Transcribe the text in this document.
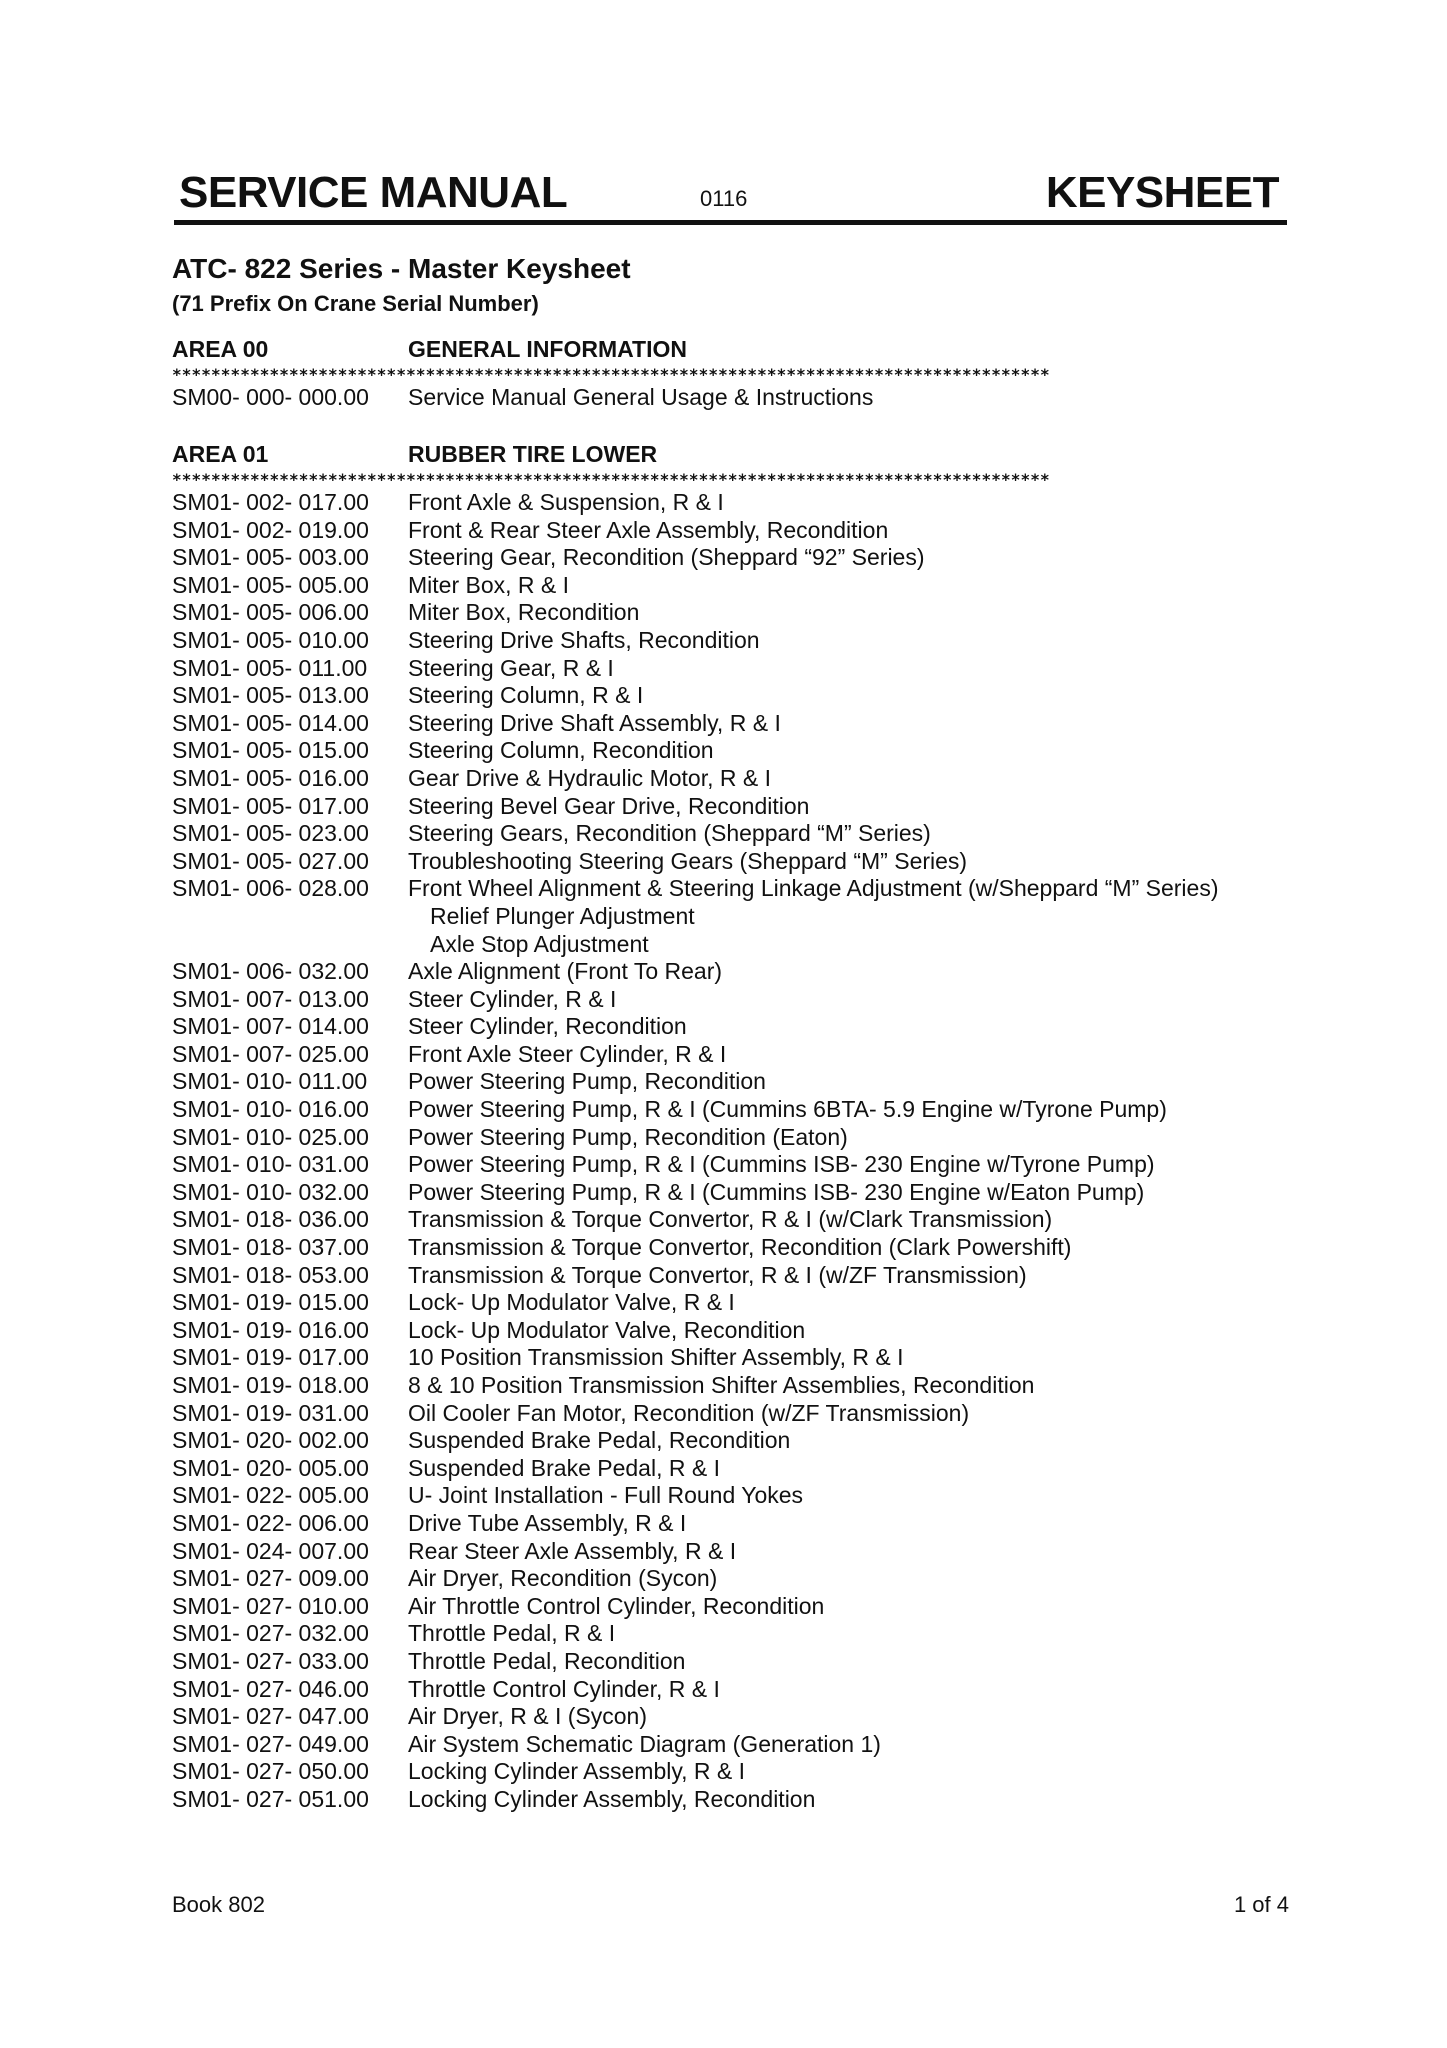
SERVICE MANUAL	0116	KEYSHEET
ATC- 822 Series - Master Keysheet
(71 Prefix On Crane Serial Number)
AREA 00	GENERAL INFORMATION
******************************************************************************************
SM00- 000- 000.00 Service Manual General Usage & Instructions
AREA 01	RUBBER TIRE LOWER
******************************************************************************************
SM01- 002- 017.00 Front Axle & Suspension, R & I
SM01- 002- 019.00 Front & Rear Steer Axle Assembly, Recondition
SM01- 005- 003.00 Steering Gear, Recondition (Sheppard “92” Series)
SM01- 005- 005.00 Miter Box, R & I
SM01- 005- 006.00 Miter Box, Recondition
SM01- 005- 010.00 Steering Drive Shafts, Recondition
SM01- 005- 011.00 Steering Gear, R & I
SM01- 005- 013.00 Steering Column, R & I
SM01- 005- 014.00 Steering Drive Shaft Assembly, R & I
SM01- 005- 015.00 Steering Column, Recondition
SM01- 005- 016.00 Gear Drive & Hydraulic Motor, R & I
SM01- 005- 017.00 Steering Bevel Gear Drive, Recondition
SM01- 005- 023.00 Steering Gears, Recondition (Sheppard “M” Series)
SM01- 005- 027.00 Troubleshooting Steering Gears (Sheppard “M” Series)
SM01- 006- 028.00 Front Wheel Alignment & Steering Linkage Adjustment (w/Sheppard “M” Series)
Relief Plunger Adjustment
Axle Stop Adjustment
SM01- 006- 032.00 Axle Alignment (Front To Rear)
SM01- 007- 013.00 Steer Cylinder, R & I
SM01- 007- 014.00 Steer Cylinder, Recondition
SM01- 007- 025.00 Front Axle Steer Cylinder, R & I
SM01- 010- 011.00 Power Steering Pump, Recondition
SM01- 010- 016.00 Power Steering Pump, R & I (Cummins 6BTA- 5.9 Engine w/Tyrone Pump)
SM01- 010- 025.00 Power Steering Pump, Recondition (Eaton)
SM01- 010- 031.00 Power Steering Pump, R & I (Cummins ISB- 230 Engine w/Tyrone Pump)
SM01- 010- 032.00 Power Steering Pump, R & I (Cummins ISB- 230 Engine w/Eaton Pump)
SM01- 018- 036.00 Transmission & Torque Convertor, R & I (w/Clark Transmission)
SM01- 018- 037.00 Transmission & Torque Convertor, Recondition (Clark Powershift)
SM01- 018- 053.00 Transmission & Torque Convertor, R & I (w/ZF Transmission)
SM01- 019- 015.00 Lock- Up Modulator Valve, R & I
SM01- 019- 016.00 Lock- Up Modulator Valve, Recondition
SM01- 019- 017.00 10 Position Transmission Shifter Assembly, R & I
SM01- 019- 018.00 8 & 10 Position Transmission Shifter Assemblies, Recondition
SM01- 019- 031.00 Oil Cooler Fan Motor, Recondition (w/ZF Transmission)
SM01- 020- 002.00 Suspended Brake Pedal, Recondition
SM01- 020- 005.00 Suspended Brake Pedal, R & I
SM01- 022- 005.00 U- Joint Installation - Full Round Yokes
SM01- 022- 006.00 Drive Tube Assembly, R & I
SM01- 024- 007.00 Rear Steer Axle Assembly, R & I
SM01- 027- 009.00 Air Dryer, Recondition (Sycon)
SM01- 027- 010.00 Air Throttle Control Cylinder, Recondition
SM01- 027- 032.00 Throttle Pedal, R & I
SM01- 027- 033.00 Throttle Pedal, Recondition
SM01- 027- 046.00 Throttle Control Cylinder, R & I
SM01- 027- 047.00 Air Dryer, R & I (Sycon)
SM01- 027- 049.00 Air System Schematic Diagram (Generation 1)
SM01- 027- 050.00 Locking Cylinder Assembly, R & I
SM01- 027- 051.00 Locking Cylinder Assembly, Recondition
Book 802	1 of 4
